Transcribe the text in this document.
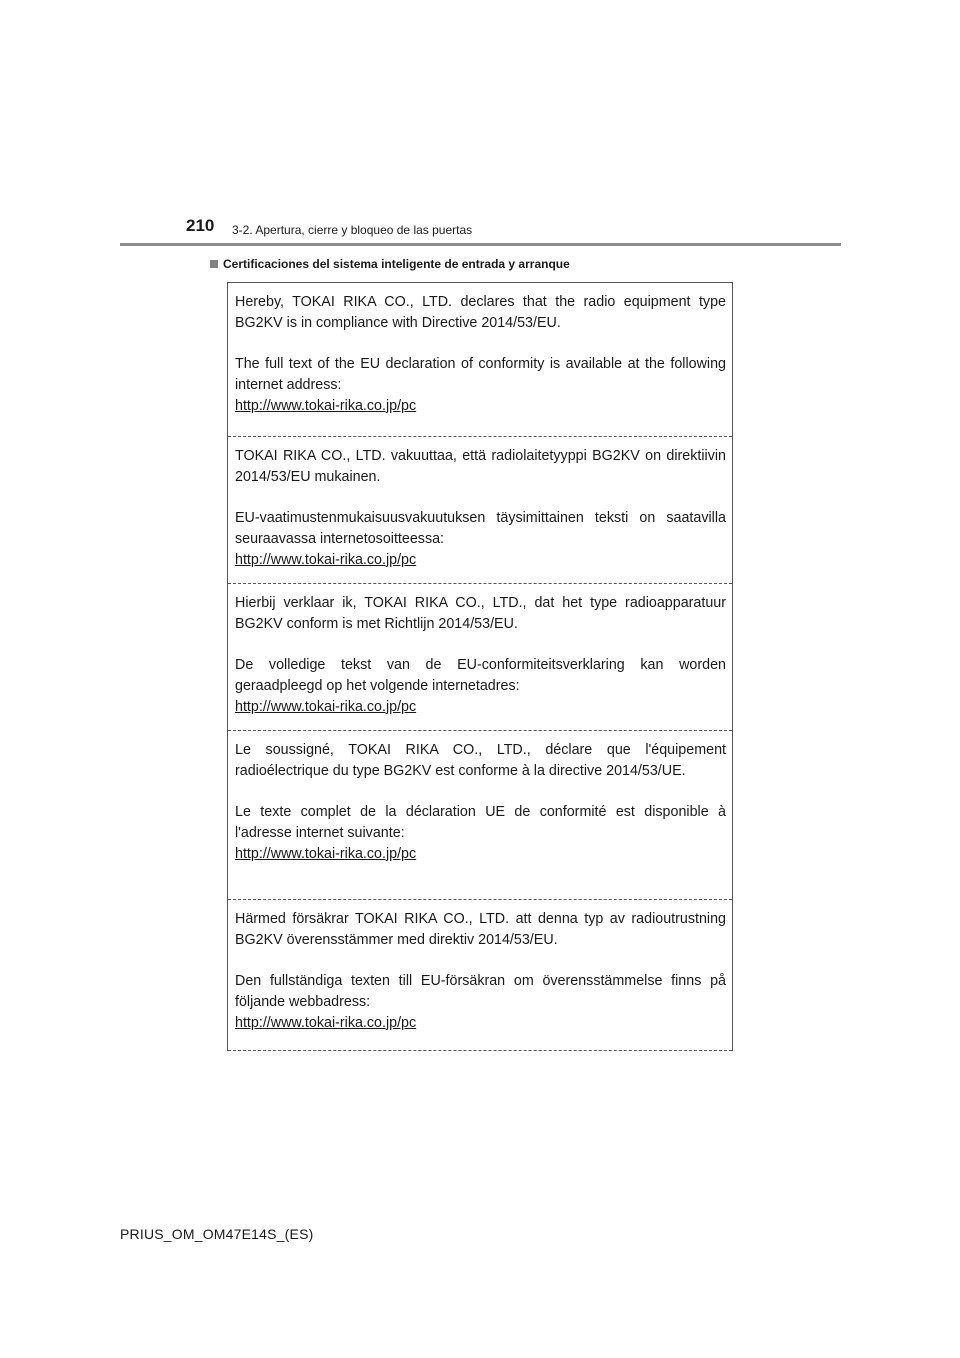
210 3-2. Apertura, cierre y bloqueo de las puertas
Certificaciones del sistema inteligente de entrada y arranque

Hereby, TOKAI RIKA CO., LTD. declares that the radio equipment type BG2KV is in compliance with Directive 2014/53/EU.

The full text of the EU declaration of conformity is available at the following internet address:
http://www.tokai-rika.co.jp/pc

TOKAI RIKA CO., LTD. vakuuttaa, että radiolaitetyyppi BG2KV on direktiivin 2014/53/EU mukainen.

EU-vaatimustenmukaisuusvakuutuksen täysimittainen teksti on saatavilla seuraavassa internetosoitteessa:
http://www.tokai-rika.co.jp/pc

Hierbij verklaar ik, TOKAI RIKA CO., LTD., dat het type radioapparatuur BG2KV conform is met Richtlijn 2014/53/EU.

De volledige tekst van de EU-conformiteitsverklaring kan worden geraadpleegd op het volgende internetadres:
http://www.tokai-rika.co.jp/pc

Le soussigné, TOKAI RIKA CO., LTD., déclare que l'équipement radioélectrique du type BG2KV est conforme à la directive 2014/53/UE.

Le texte complet de la déclaration UE de conformité est disponible à l'adresse internet suivante:
http://www.tokai-rika.co.jp/pc

Härmed försäkrar TOKAI RIKA CO., LTD. att denna typ av radioutrustning BG2KV överensstämmer med direktiv 2014/53/EU.

Den fullständiga texten till EU-försäkran om överensstämmelse finns på följande webbadress:
http://www.tokai-rika.co.jp/pc

PRIUS_OM_OM47E14S_(ES)
